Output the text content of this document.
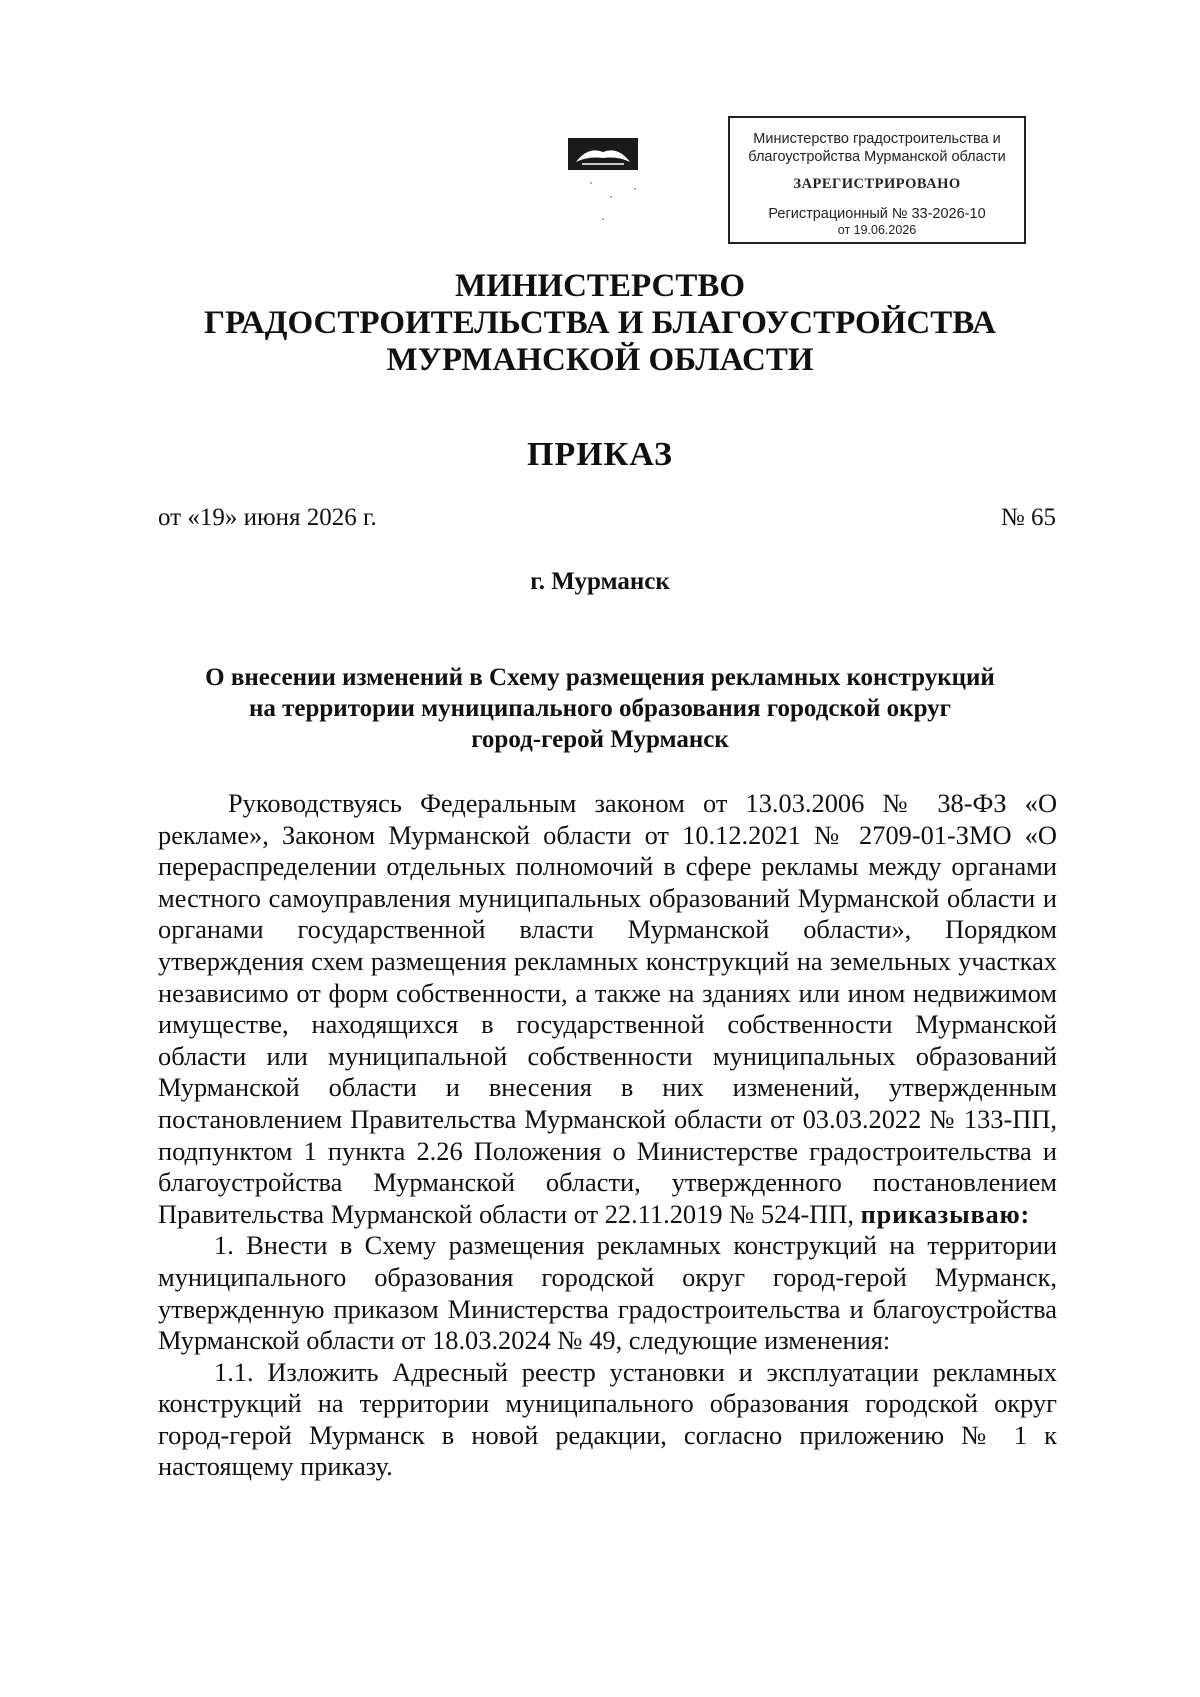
Министерство градостроительства и
благоустройства Мурманской области
ЗАРЕГИСТРИРОВАНО
Регистрационный № 33-2026-10
от 19.06.2026
МИНИСТЕРСТВО
ГРАДОСТРОИТЕЛЬСТВА И БЛАГОУСТРОЙСТВА
МУРМАНСКОЙ ОБЛАСТИ
ПРИКАЗ
от «19» июня 2026 г.	№ 65
г. Мурманск
О внесении изменений в Схему размещения рекламных конструкций
на территории муниципального образования городской округ
город-герой Мурманск

Руководствуясь Федеральным законом от 13.03.2006 № 38-ФЗ «О рекламе», Законом Мурманской области от 10.12.2021 № 2709-01-ЗМО «О перераспределении отдельных полномочий в сфере рекламы между органами местного самоуправления муниципальных образований Мурманской области и органами государственной власти Мурманской области», Порядком утверждения схем размещения рекламных конструкций на земельных участках независимо от форм собственности, а также на зданиях или ином недвижимом имуществе, находящихся в государственной собственности Мурманской области или муниципальной собственности муниципальных образований Мурманской области и внесения в них изменений, утвержденным постановлением Правительства Мурманской области от 03.03.2022 № 133-ПП, подпунктом 1 пункта 2.26 Положения о Министерстве градостроительства и благоустройства Мурманской области, утвержденного постановлением Правительства Мурманской области от 22.11.2019 № 524-ПП, приказываю:

1. Внести в Схему размещения рекламных конструкций на территории муниципального образования городской округ город-герой Мурманск, утвержденную приказом Министерства градостроительства и благоустройства Мурманской области от 18.03.2024 № 49, следующие изменения:

1.1. Изложить Адресный реестр установки и эксплуатации рекламных конструкций на территории муниципального образования городской округ город-герой Мурманск в новой редакции, согласно приложению № 1 к настоящему приказу.
